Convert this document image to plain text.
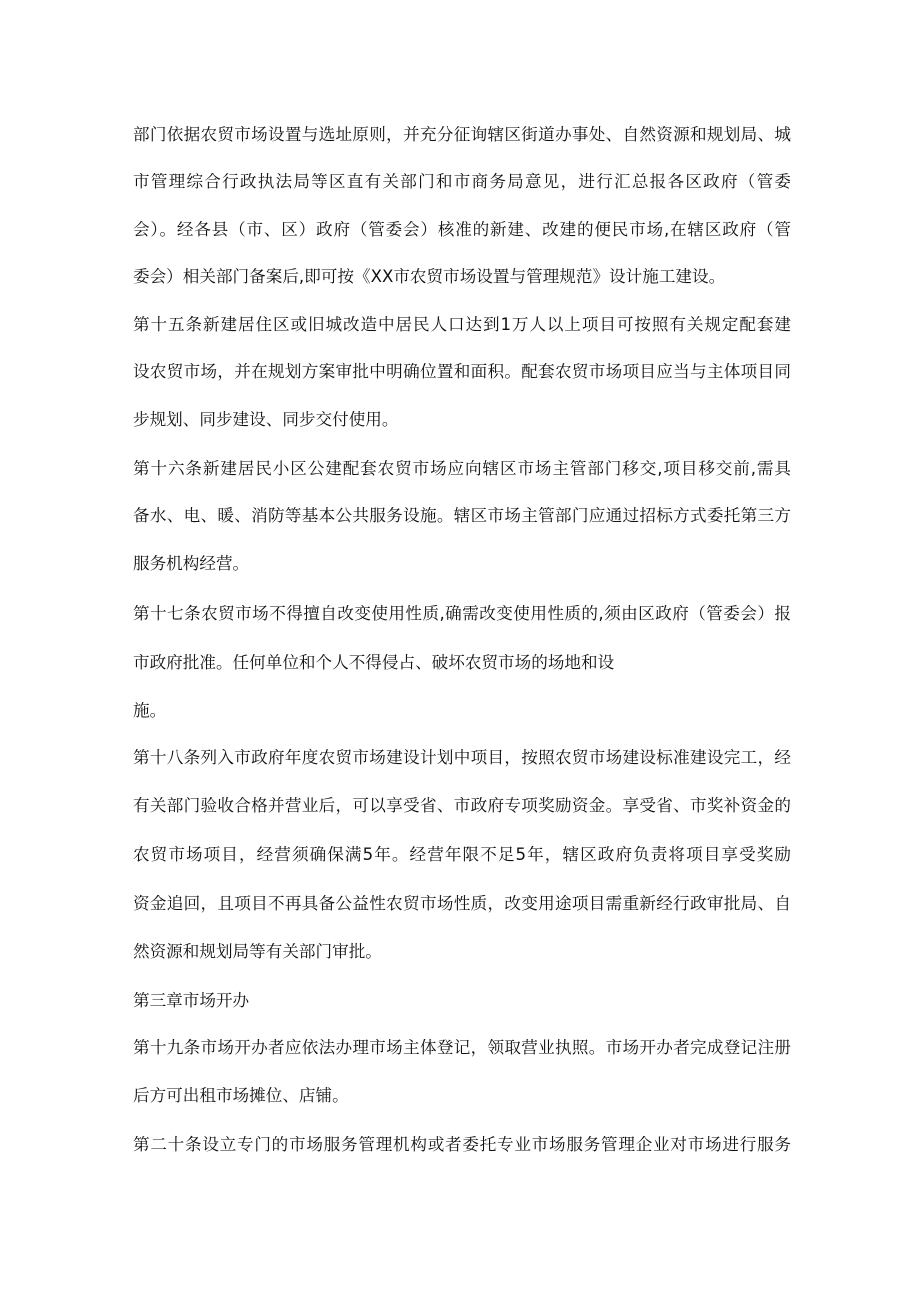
部门依据农贸市场设置与选址原则，并充分征询辖区街道办事处、自然资源和规划局、城
市管理综合行政执法局等区直有关部门和市商务局意见，进行汇总报各区政府（管委
会）。经各县（市、区）政府（管委会）核准的新建、改建的便民市场,在辖区政府（管
委会）相关部门备案后,即可按《XX市农贸市场设置与管理规范》设计施工建设。
第十五条新建居住区或旧城改造中居民人口达到1万人以上项目可按照有关规定配套建
设农贸市场，并在规划方案审批中明确位置和面积。配套农贸市场项目应当与主体项目同
步规划、同步建设、同步交付使用。
第十六条新建居民小区公建配套农贸市场应向辖区市场主管部门移交,项目移交前,需具
备水、电、暖、消防等基本公共服务设施。辖区市场主管部门应通过招标方式委托第三方
服务机构经营。
第十七条农贸市场不得擅自改变使用性质,确需改变使用性质的,须由区政府（管委会）报
市政府批准。任何单位和个人不得侵占、破坏农贸市场的场地和设
施。
第十八条列入市政府年度农贸市场建设计划中项目，按照农贸市场建设标准建设完工，经
有关部门验收合格并营业后，可以享受省、市政府专项奖励资金。享受省、市奖补资金的
农贸市场项目，经营须确保满5年。经营年限不足5年，辖区政府负责将项目享受奖励
资金追回，且项目不再具备公益性农贸市场性质，改变用途项目需重新经行政审批局、自
然资源和规划局等有关部门审批。
第三章市场开办
第十九条市场开办者应依法办理市场主体登记，领取营业执照。市场开办者完成登记注册
后方可出租市场摊位、店铺。
第二十条设立专门的市场服务管理机构或者委托专业市场服务管理企业对市场进行服务
